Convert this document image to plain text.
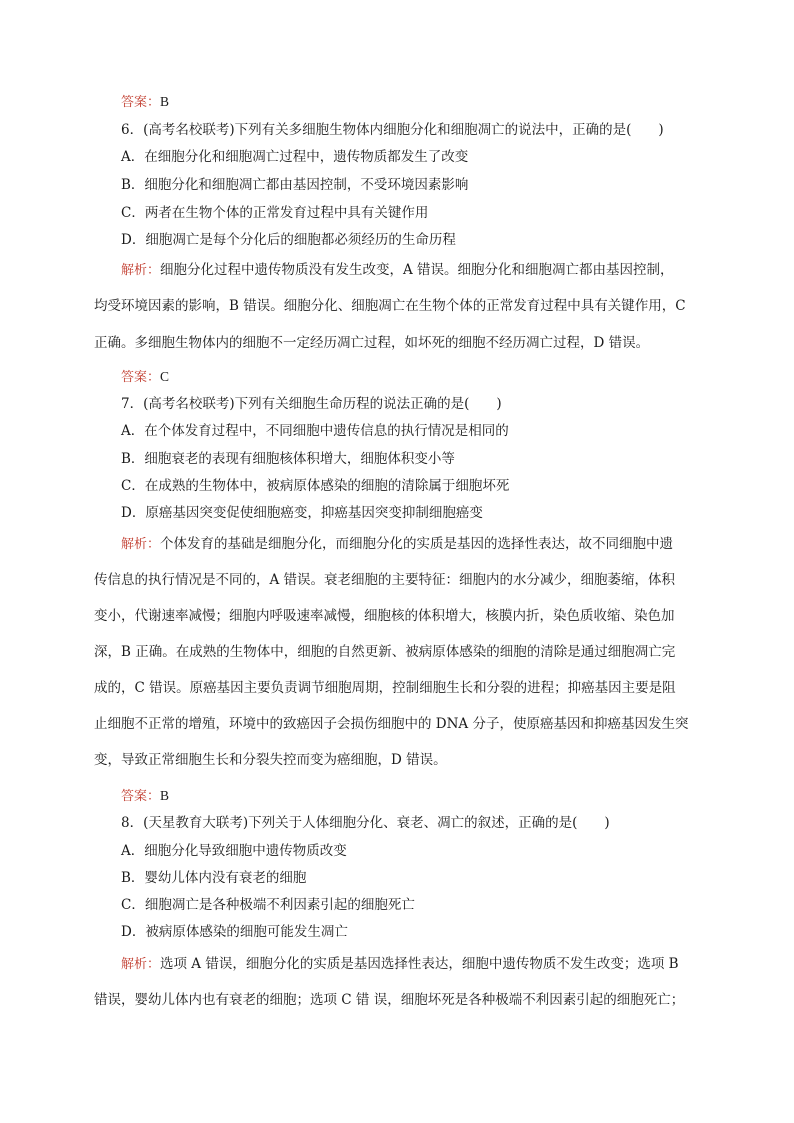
答案：B
6．(高考名校联考)下列有关多细胞生物体内细胞分化和细胞凋亡的说法中，正确的是(　　)
A．在细胞分化和细胞凋亡过程中，遗传物质都发生了改变
B．细胞分化和细胞凋亡都由基因控制，不受环境因素影响
C．两者在生物个体的正常发育过程中具有关键作用
D．细胞凋亡是每个分化后的细胞都必须经历的生命历程
解析：细胞分化过程中遗传物质没有发生改变，A 错误。细胞分化和细胞凋亡都由基因控制，
均受环境因素的影响，B 错误。细胞分化、细胞凋亡在生物个体的正常发育过程中具有关键作用，C
正确。多细胞生物体内的细胞不一定经历凋亡过程，如坏死的细胞不经历凋亡过程，D 错误。
答案：C
7．(高考名校联考)下列有关细胞生命历程的说法正确的是(　　)
A．在个体发育过程中，不同细胞中遗传信息的执行情况是相同的
B．细胞衰老的表现有细胞核体积增大，细胞体积变小等
C．在成熟的生物体中，被病原体感染的细胞的清除属于细胞坏死
D．原癌基因突变促使细胞癌变，抑癌基因突变抑制细胞癌变
解析：个体发育的基础是细胞分化，而细胞分化的实质是基因的选择性表达，故不同细胞中遗
传信息的执行情况是不同的，A 错误。衰老细胞的主要特征：细胞内的水分减少，细胞萎缩，体积
变小，代谢速率减慢；细胞内呼吸速率减慢，细胞核的体积增大，核膜内折，染色质收缩、染色加
深，B 正确。在成熟的生物体中，细胞的自然更新、被病原体感染的细胞的清除是通过细胞凋亡完
成的，C 错误。原癌基因主要负责调节细胞周期，控制细胞生长和分裂的进程；抑癌基因主要是阻
止细胞不正常的增殖，环境中的致癌因子会损伤细胞中的 DNA 分子，使原癌基因和抑癌基因发生突
变，导致正常细胞生长和分裂失控而变为癌细胞，D 错误。
答案：B
8．(天星教育大联考)下列关于人体细胞分化、衰老、凋亡的叙述，正确的是(　　)
A．细胞分化导致细胞中遗传物质改变
B．婴幼儿体内没有衰老的细胞
C．细胞凋亡是各种极端不利因素引起的细胞死亡
D．被病原体感染的细胞可能发生凋亡
解析：选项 A 错误，细胞分化的实质是基因选择性表达，细胞中遗传物质不发生改变；选项 B
错误，婴幼儿体内也有衰老的细胞；选项 C 错 误，细胞坏死是各种极端不利因素引起的细胞死亡；
